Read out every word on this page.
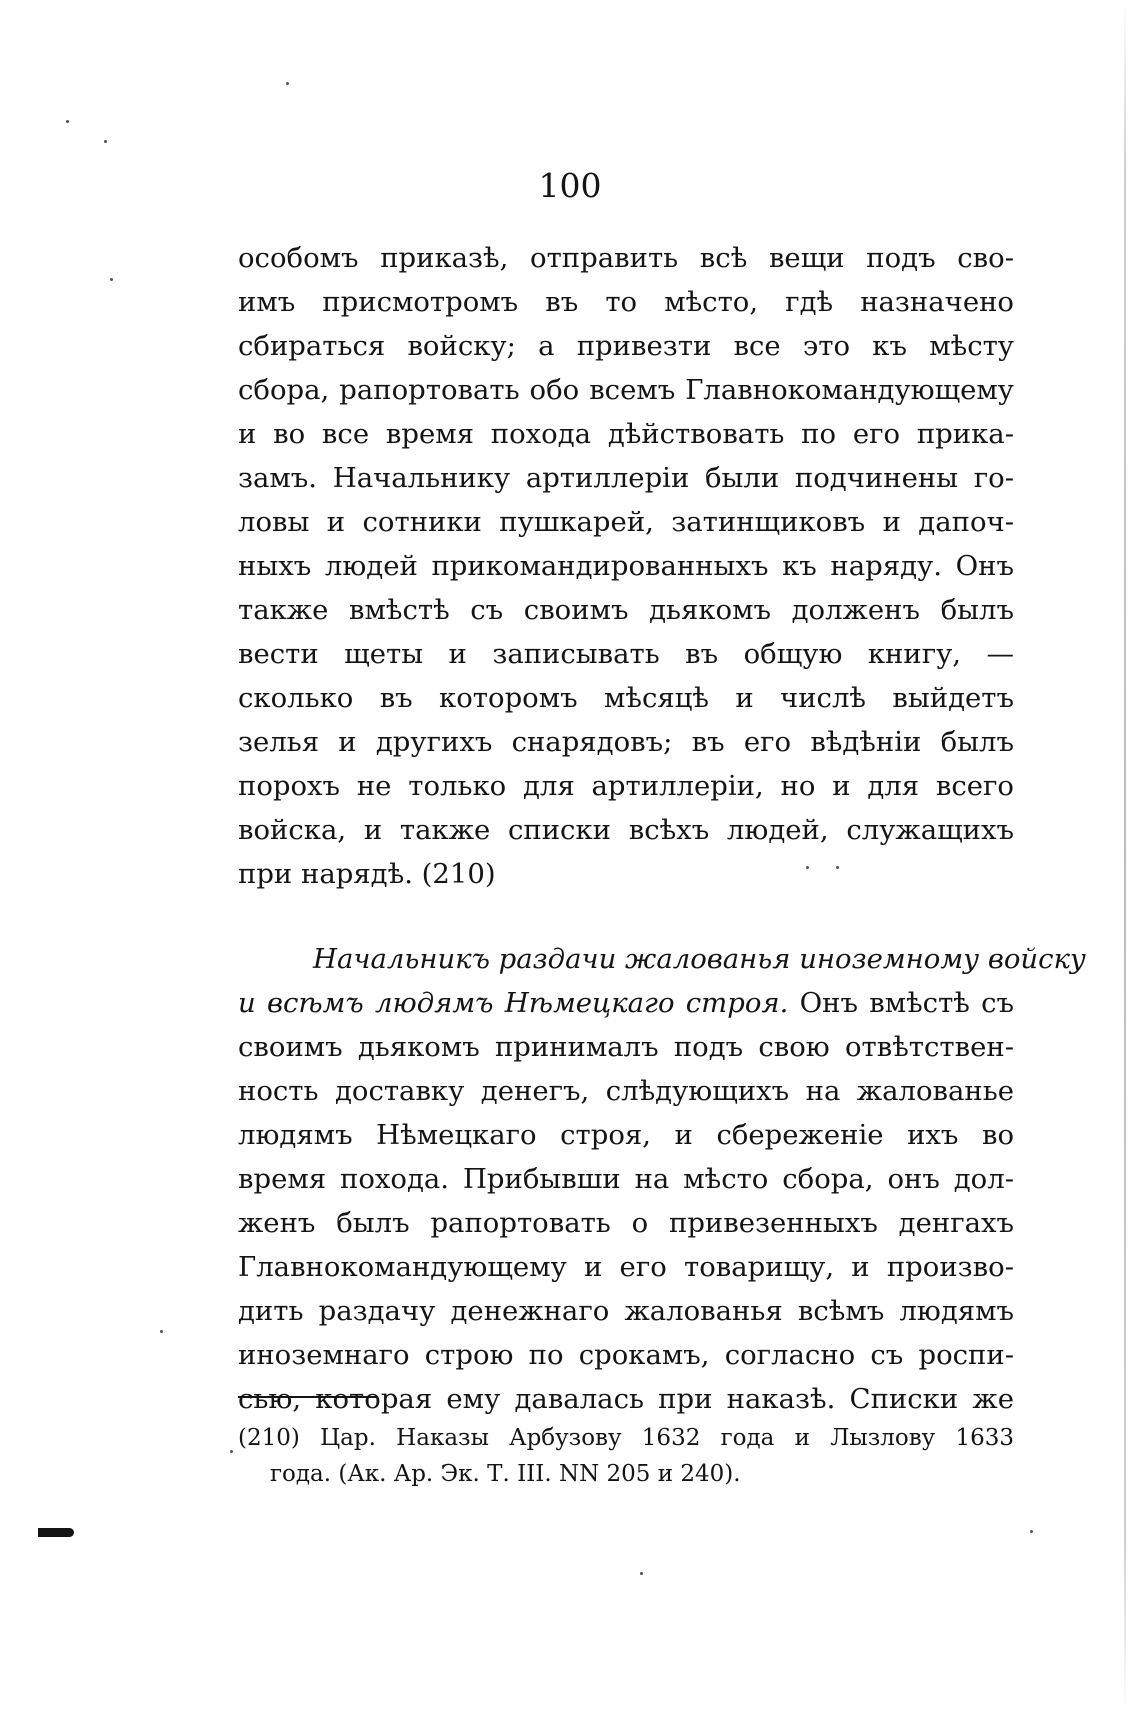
100
особомъ приказѣ, отправить всѣ вещи подъ сво-
имъ присмотромъ въ то мѣсто, гдѣ назначено
сбираться войску; а привезти все это къ мѣсту
сбора, рапортовать обо всемъ Главнокомандующему
и во все время похода дѣйствовать по его прика-
замъ. Начальнику артиллеріи были подчинены го-
ловы и сотники пушкарей, затинщиковъ и дапоч-
ныхъ людей прикомандированныхъ къ наряду. Онъ
также вмѣстѣ съ своимъ дьякомъ долженъ былъ
вести щеты и записывать въ общую книгу, —
сколько въ которомъ мѣсяцѣ и числѣ выйдетъ
зелья и другихъ снарядовъ; въ его вѣдѣніи былъ
порохъ не только для артиллеріи, но и для всего
войска, и также списки всѣхъ людей, служащихъ
при нарядѣ. (210)
Начальникъ раздачи жалованья иноземному войску
и всѣмъ людямъ Нѣмецкаго строя. Онъ вмѣстѣ съ
своимъ дьякомъ принималъ подъ свою отвѣтствен-
ность доставку денегъ, слѣдующихъ на жалованье
людямъ Нѣмецкаго строя, и сбереженіе ихъ во
время похода. Прибывши на мѣсто сбора, онъ дол-
женъ былъ рапортовать о привезенныхъ денгахъ
Главнокомандующему и его товарищу, и произво-
дить раздачу денежнаго жалованья всѣмъ людямъ
иноземнаго строю по срокамъ, согласно съ роспи-
сью, которая ему давалась при наказѣ. Списки же
(210) Цар. Наказы Арбузову 1632 года и Лызлову 1633
года. (Ак. Ар. Эк. Т. III. NN 205 и 240).
